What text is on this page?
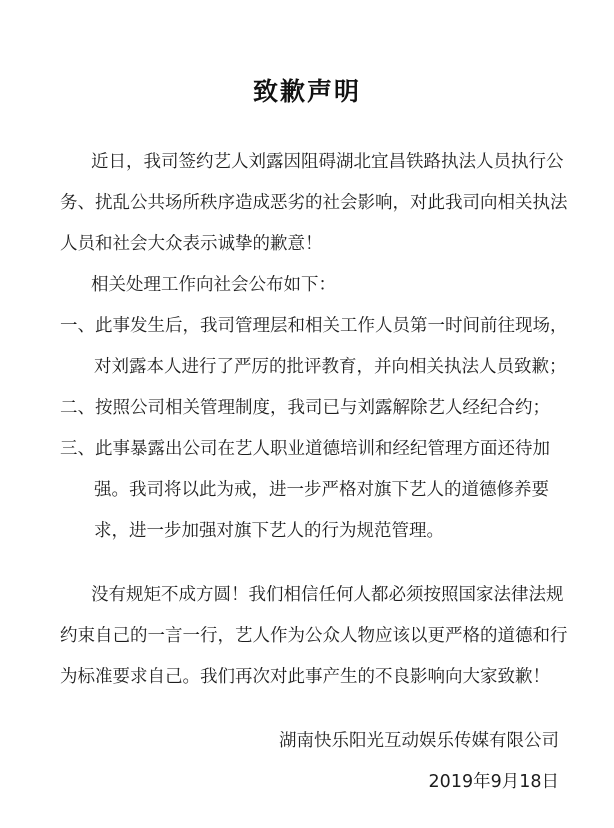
致歉声明
近日，我司签约艺人刘露因阻碍湖北宜昌铁路执法人员执行公
务、扰乱公共场所秩序造成恶劣的社会影响，对此我司向相关执法
人员和社会大众表示诚挚的歉意！
相关处理工作向社会公布如下：
一、此事发生后，我司管理层和相关工作人员第一时间前往现场，
对刘露本人进行了严厉的批评教育，并向相关执法人员致歉；
二、按照公司相关管理制度，我司已与刘露解除艺人经纪合约；
三、此事暴露出公司在艺人职业道德培训和经纪管理方面还待加
强。我司将以此为戒，进一步严格对旗下艺人的道德修养要
求，进一步加强对旗下艺人的行为规范管理。
没有规矩不成方圆！我们相信任何人都必须按照国家法律法规
约束自己的一言一行，艺人作为公众人物应该以更严格的道德和行
为标准要求自己。我们再次对此事产生的不良影响向大家致歉！
湖南快乐阳光互动娱乐传媒有限公司
2019年9月18日
